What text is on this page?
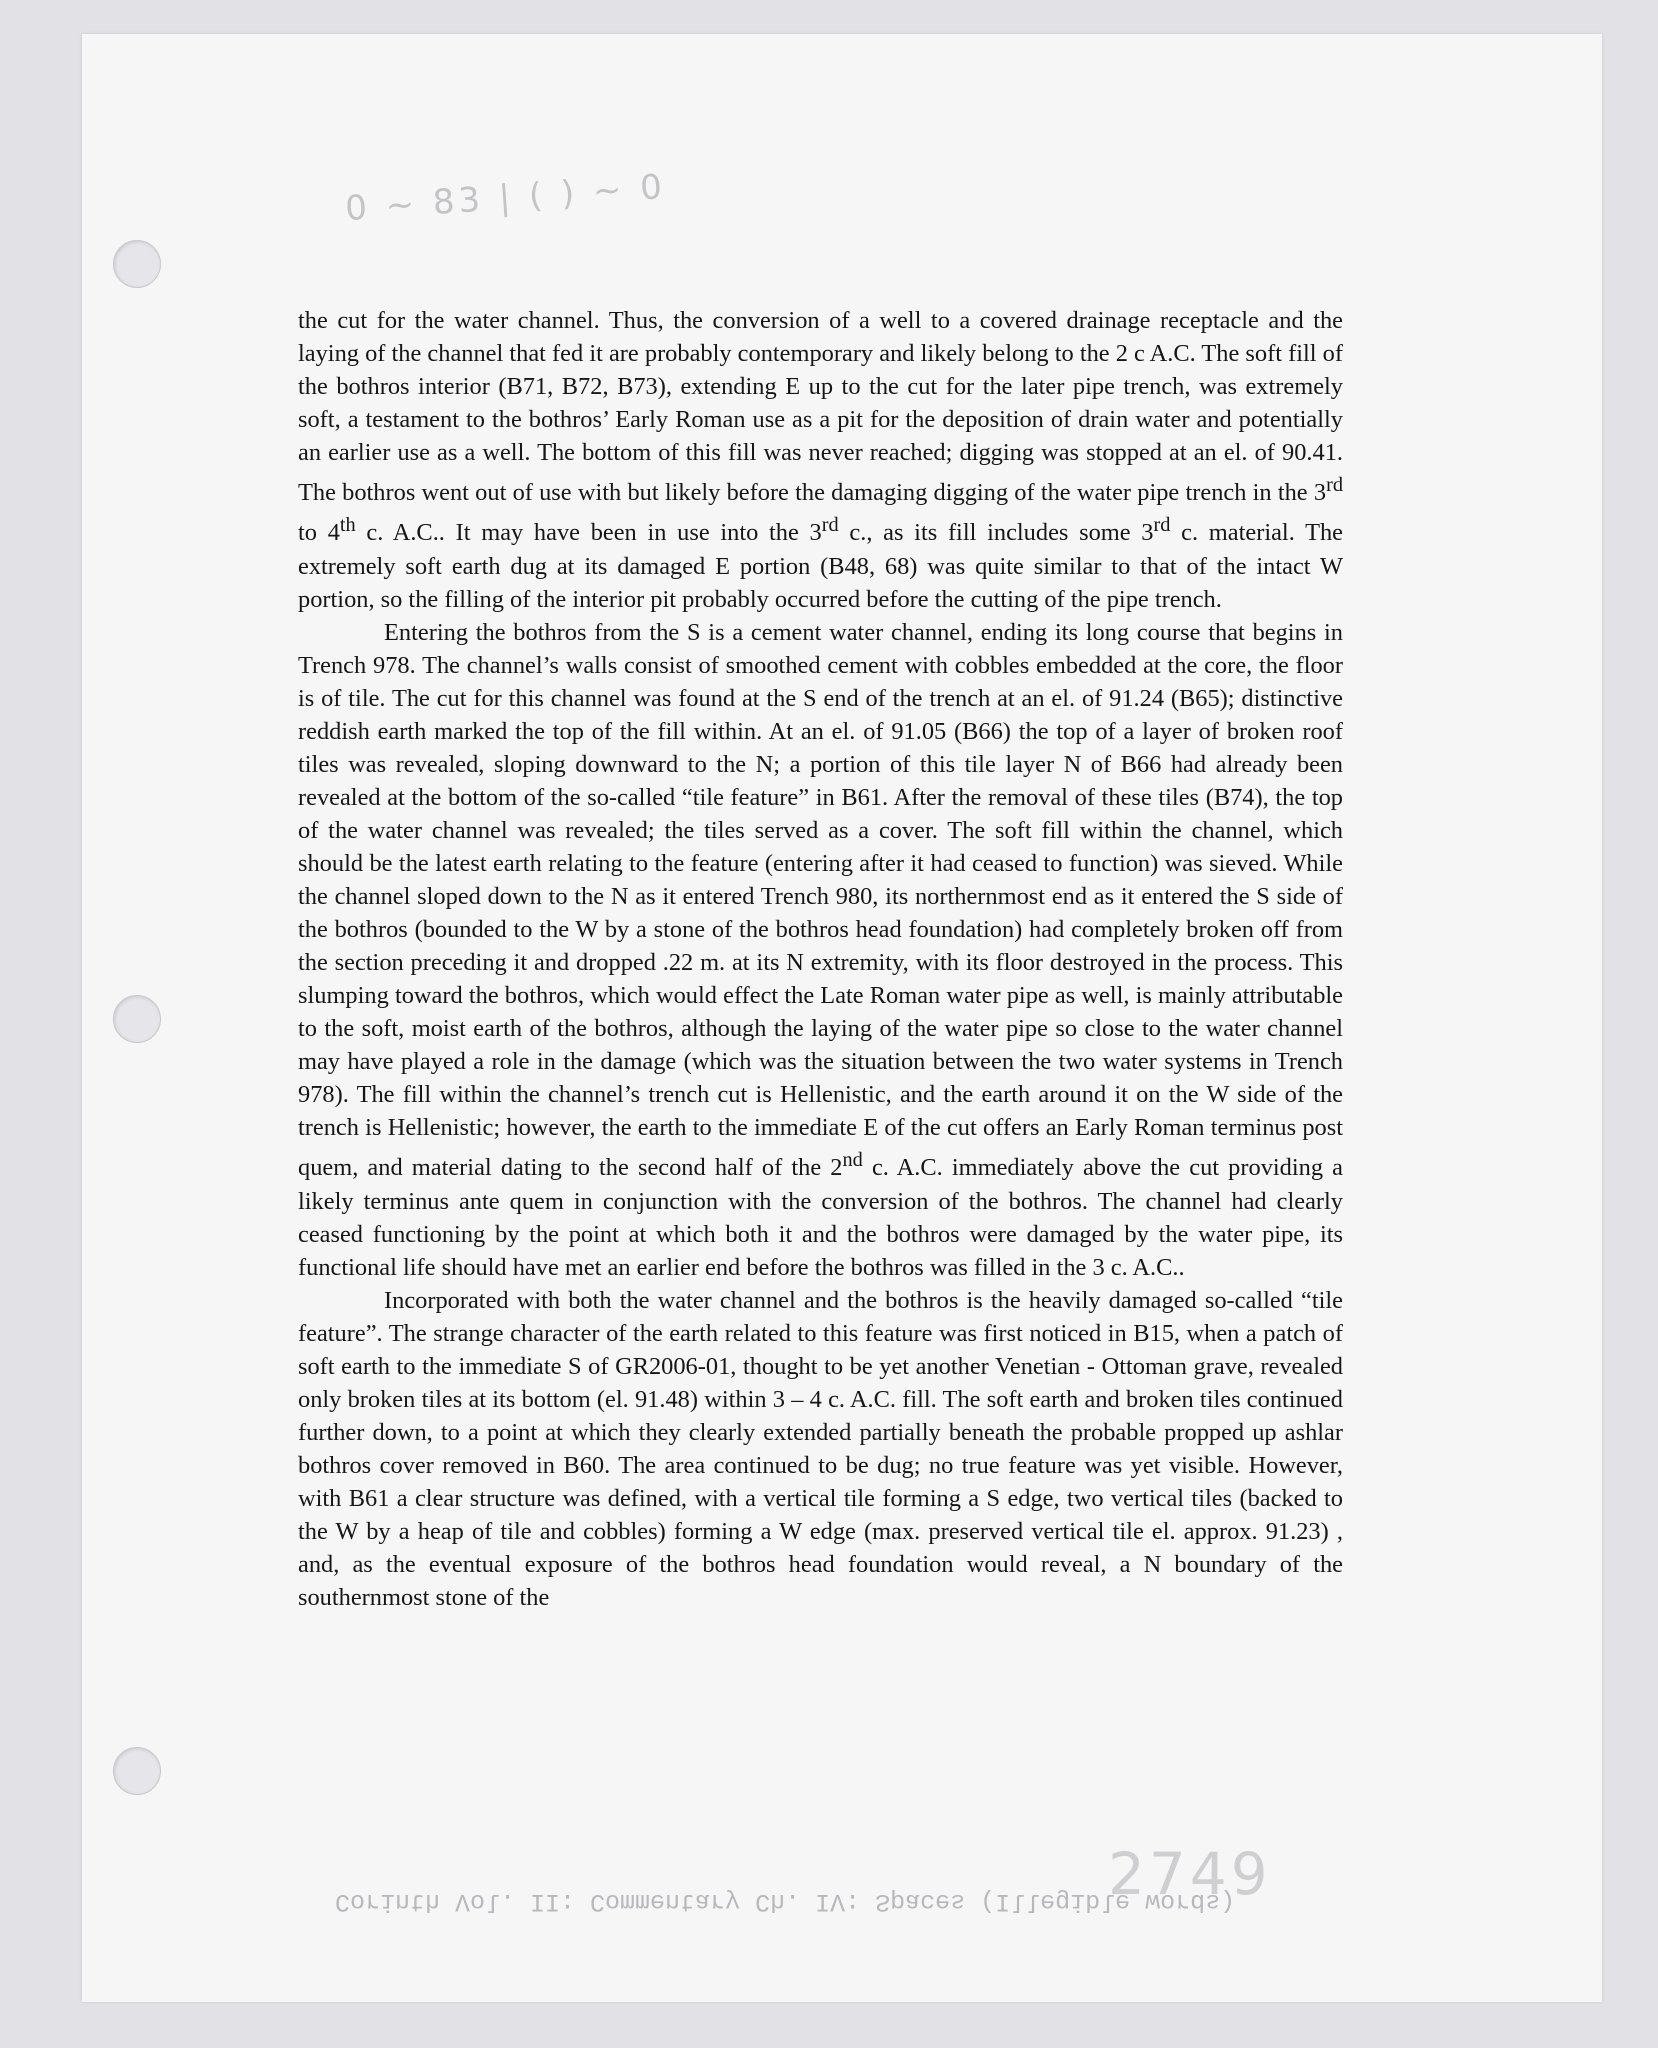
0 ~ 83 | ( ) ~ 0
2749
Corinth Vol. II: Commentary Ch. IV: Spaces (Illegible words)

the cut for the water channel. Thus, the conversion of a well to a covered drainage receptacle and the laying of the channel that fed it are probably contemporary and likely belong to the 2 c A.C. The soft fill of the bothros interior (B71, B72, B73), extending E up to the cut for the later pipe trench, was extremely soft, a testament to the bothros’ Early Roman use as a pit for the deposition of drain water and potentially an earlier use as a well. The bottom of this fill was never reached; digging was stopped at an el. of 90.41. The bothros went out of use with but likely before the damaging digging of the water pipe trench in the 3rd to 4th c. A.C.. It may have been in use into the 3rd c., as its fill includes some 3rd c. material. The extremely soft earth dug at its damaged E portion (B48, 68) was quite similar to that of the intact W portion, so the filling of the interior pit probably occurred before the cutting of the pipe trench.

Entering the bothros from the S is a cement water channel, ending its long course that begins in Trench 978. The channel’s walls consist of smoothed cement with cobbles embedded at the core, the floor is of tile. The cut for this channel was found at the S end of the trench at an el. of 91.24 (B65); distinctive reddish earth marked the top of the fill within. At an el. of 91.05 (B66) the top of a layer of broken roof tiles was revealed, sloping downward to the N; a portion of this tile layer N of B66 had already been revealed at the bottom of the so-called “tile feature” in B61. After the removal of these tiles (B74), the top of the water channel was revealed; the tiles served as a cover. The soft fill within the channel, which should be the latest earth relating to the feature (entering after it had ceased to function) was sieved. While the channel sloped down to the N as it entered Trench 980, its northernmost end as it entered the S side of the bothros (bounded to the W by a stone of the bothros head foundation) had completely broken off from the section preceding it and dropped .22 m. at its N extremity, with its floor destroyed in the process. This slumping toward the bothros, which would effect the Late Roman water pipe as well, is mainly attributable to the soft, moist earth of the bothros, although the laying of the water pipe so close to the water channel may have played a role in the damage (which was the situation between the two water systems in Trench 978). The fill within the channel’s trench cut is Hellenistic, and the earth around it on the W side of the trench is Hellenistic; however, the earth to the immediate E of the cut offers an Early Roman terminus post quem, and material dating to the second half of the 2nd c. A.C. immediately above the cut providing a likely terminus ante quem in conjunction with the conversion of the bothros. The channel had clearly ceased functioning by the point at which both it and the bothros were damaged by the water pipe, its functional life should have met an earlier end before the bothros was filled in the 3 c. A.C..

Incorporated with both the water channel and the bothros is the heavily damaged so-called “tile feature”. The strange character of the earth related to this feature was first noticed in B15, when a patch of soft earth to the immediate S of GR2006-01, thought to be yet another Venetian - Ottoman grave, revealed only broken tiles at its bottom (el. 91.48) within 3 – 4 c. A.C. fill. The soft earth and broken tiles continued further down, to a point at which they clearly extended partially beneath the probable propped up ashlar bothros cover removed in B60. The area continued to be dug; no true feature was yet visible. However, with B61 a clear structure was defined, with a vertical tile forming a S edge, two vertical tiles (backed to the W by a heap of tile and cobbles) forming a W edge (max. preserved vertical tile el. approx. 91.23) , and, as the eventual exposure of the bothros head foundation would reveal, a N boundary of the southernmost stone of the
